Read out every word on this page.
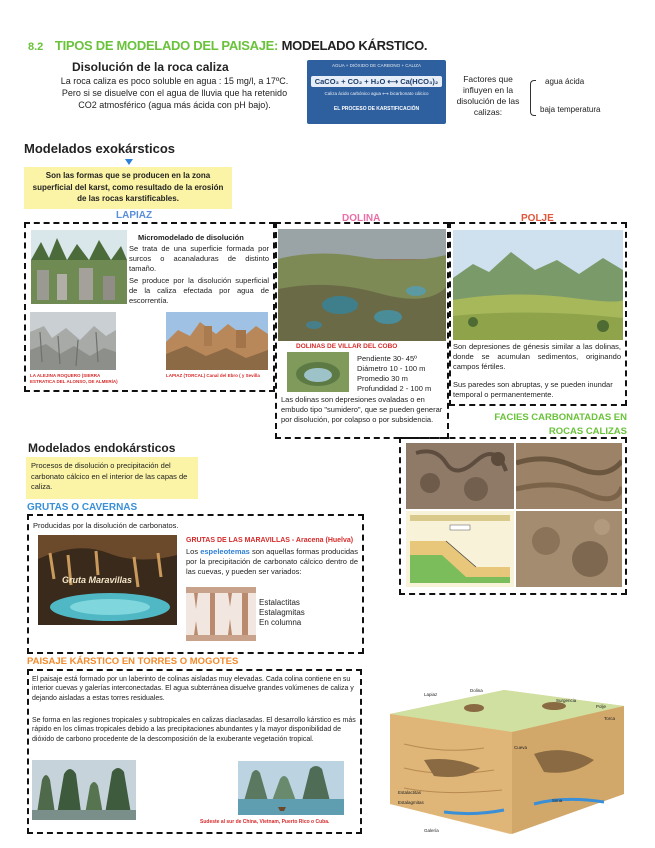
8.2 TIPOS DE MODELADO DEL PAISAJE: MODELADO KÁRSTICO.
Disolución de la roca caliza
La roca caliza es poco soluble en agua : 15 mg/l, a 17ºC. Pero si se disuelve con el agua de lluvia que ha retenido CO2 atmosférico (agua más ácida con pH bajo).
AGUA + DIÓXIDO DE CARBONO + CALIZA
CaCO₃ + CO₂ + H₂O ⟷ Ca(HCO₃)₂
Caliza ácido carbónico agua ⟷ bicarbonato cálcico
EL PROCESO DE KARSTIFICACIÓN
Factores que influyen en la disolución de las calizas:
agua ácida
baja temperatura
Modelados exokársticos
Son las formas que se producen en la zona superficial del karst, como resultado de la erosión de las rocas karstificables.
LAPIAZ
Micromodelado de disolución
Se trata de una superficie formada por surcos o acanaladuras de distinto tamaño.
Se produce por la disolución superficial de la caliza efectada por agua de escorrentía.
LA ALEJINA ROQUERO (SIERRA ESTRATICA DEL ALONSO, DE ALMERÍA)
LAPIAZ (TORCAL) Canal del Ebro ( y Sevilla
DOLINA
DOLINAS DE VILLAR DEL COBO
Pendiente 30- 45º
Diámetro 10 - 100 m
Promedio 30 m
Profundidad 2 - 100 m
Las dolinas son depresiones ovaladas o en embudo tipo "sumidero", que se pueden generar por disolución, por colapso o por subsidencia.
POLJE
Son depresiones de génesis similar a las dolinas, donde se acumulan sedimentos, originando campos fértiles.
Sus paredes son abruptas, y se pueden inundar temporal o permanentemente.
FACIES CARBONATADAS EN ROCAS CALIZAS
Modelados endokársticos
Procesos de disolución o precipitación del carbonato cálcico en el interior de las capas de caliza.
GRUTAS O CAVERNAS
Producidas por la disolución de carbonatos.
Gruta Maravillas
GRUTAS DE LAS MARAVILLAS - Aracena (Huelva)
Los espeleotemas son aquellas formas producidas por la precipitación de carbonato cálcico dentro de las cuevas, y pueden ser variados:
Estalactitas
Estalagmitas
En columna
PAISAJE KÁRSTICO EN TORRES O MOGOTES
El paisaje está formado por un laberinto de colinas aisladas muy elevadas. Cada colina contiene en su interior cuevas y galerías interconectadas. El agua subterránea disuelve grandes volúmenes de caliza y dejando aisladas a estas torres residuales.
Se forma en las regiones tropicales y subtropicales en calizas diaclasadas. El desarrollo kárstico es más rápido en los climas tropicales debido a las precipitaciones abundantes y la mayor disponibilidad de dióxido de carbono procedente de la descomposición de la exuberante vegetación tropical.
Sudeste al sur de China, Vietnam, Puerto Rico o Cuba.
Lapiaz
Dolina
Surgencia
Polje
Torca
Cueva
Estalactitas
Estalagmitas	Sima
Galería
